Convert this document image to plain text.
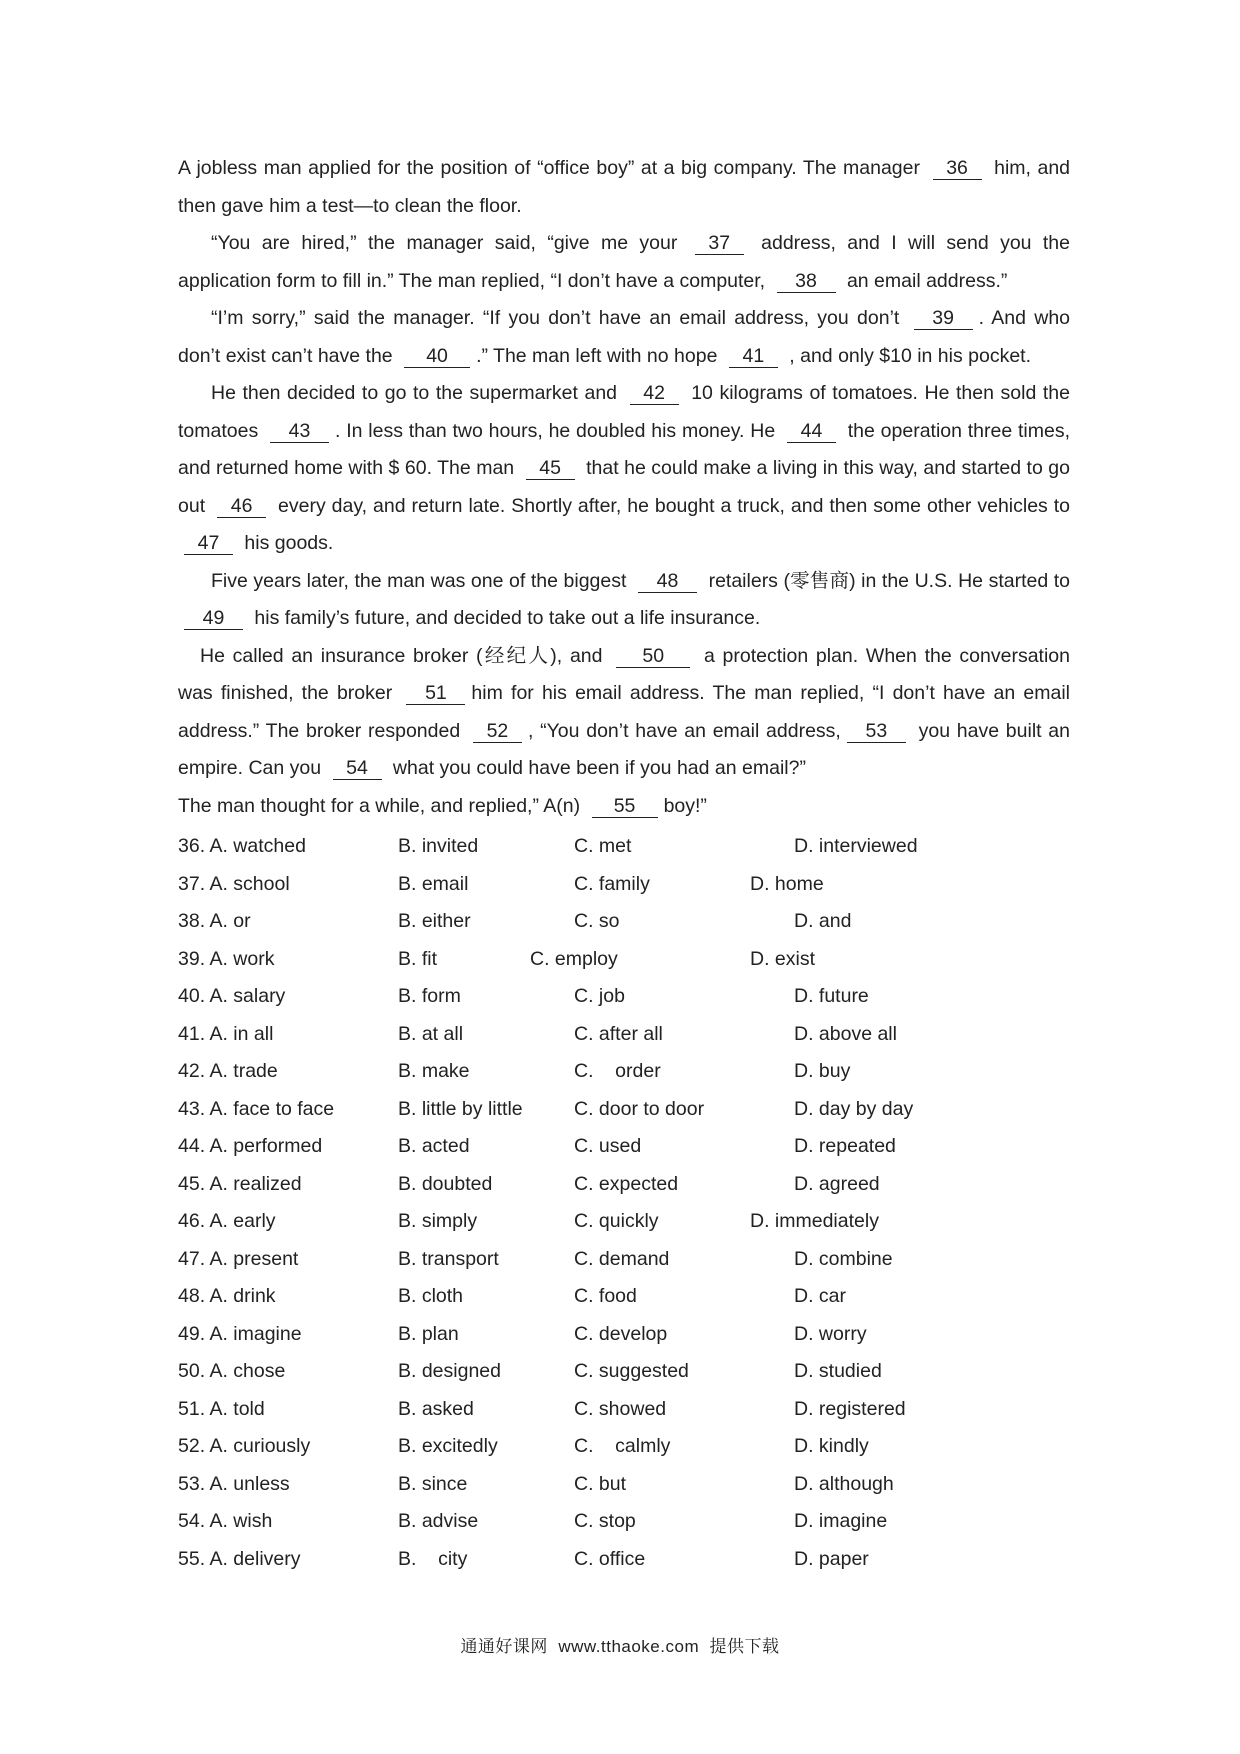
A jobless man applied for the position of “office boy” at a big company. The manager 36 him, and then gave him a test—to clean the floor.

“You are hired,” the manager said, “give me your 37 address, and I will send you the application form to fill in.” The man replied, “I don’t have a computer, 38 an email address.”

“I’m sorry,” said the manager. “If you don’t have an email address, you don’t 39 . And who don’t exist can’t have the 40 .” The man left with no hope 41 , and only $10 in his pocket.

He then decided to go to the supermarket and 42 10 kilograms of tomatoes. He then sold the tomatoes 43 . In less than two hours, he doubled his money. He 44 the operation three times, and returned home with $ 60. The man 45 that he could make a living in this way, and started to go out 46 every day, and return late. Shortly after, he bought a truck, and then some other vehicles to 47 his goods.

Five years later, the man was one of the biggest 48 retailers (零售商) in the U.S. He started to 49 his family’s future, and decided to take out a life insurance.

He called an insurance broker (经纪人), and 50 a protection plan. When the conversation was finished, the broker 51 him for his email address. The man replied, “I don’t have an email address.” The broker responded 52 , “You don’t have an email address, 53 you have built an empire. Can you 54 what you could have been if you had an email?”

The man thought for a while, and replied,” A(n) 55 boy!”

36. A. watched	B. invited	C. met	D. interviewed
37. A. school	B. email	C. family	D. home
38. A. or	B. either	C. so	D. and
39. A. work	B. fit	C. employ	D. exist
40. A. salary	B. form	C. job	D. future
41. A. in all	B. at all	C. after all	D. above all
42. A. trade	B. make	C.    order	D. buy
43. A. face to face	B. little by little	C. door to door	D. day by day
44. A. performed	B. acted	C. used	D. repeated
45. A. realized	B. doubted	C. expected	D. agreed
46. A. early	B. simply	C. quickly	D. immediately
47. A. present	B. transport	C. demand	D. combine
48. A. drink	B. cloth	C. food	D. car
49. A. imagine	B. plan	C. develop	D. worry
50. A. chose	B. designed	C. suggested	D. studied
51. A. told	B. asked	C. showed	D. registered
52. A. curiously	B. excitedly	C.    calmly	D. kindly
53. A. unless	B. since	C. but	D. although
54. A. wish	B. advise	C. stop	D. imagine
55. A. delivery	B.    city	C. office	D. paper
通通好课网  www.tthaoke.com  提供下载
